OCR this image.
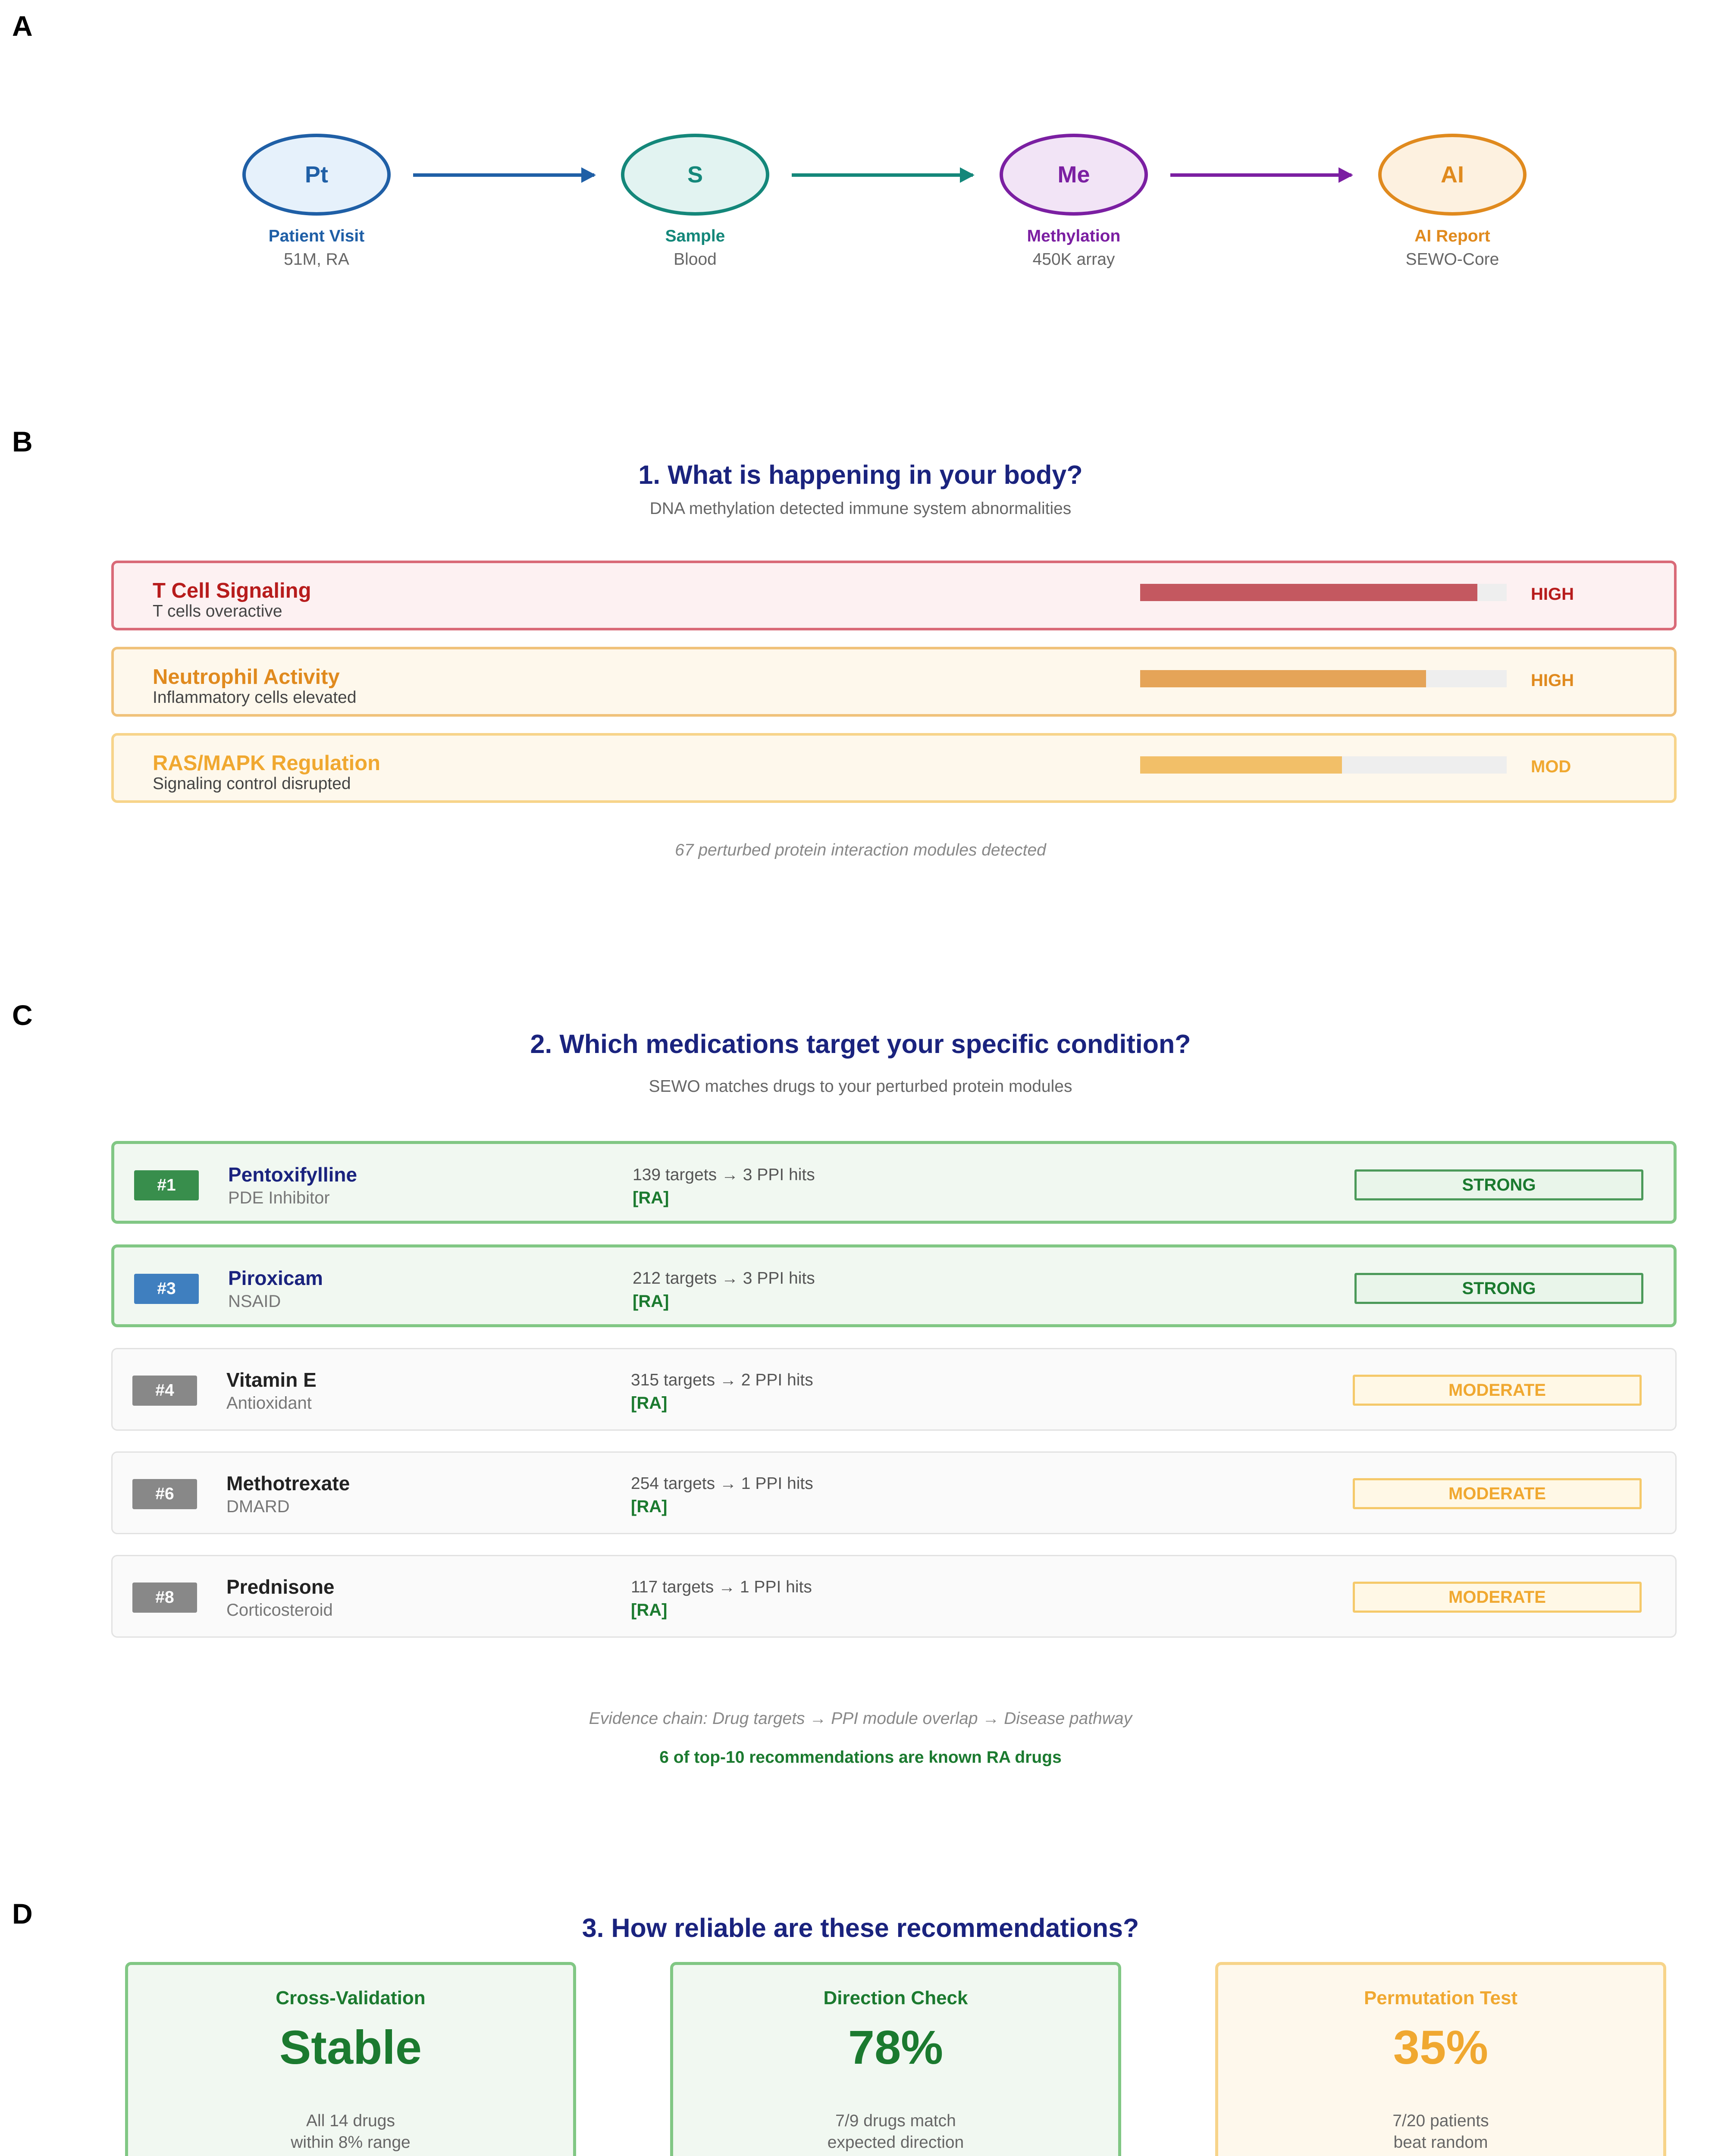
A
Pt
Patient Visit
51M, RA
S
Sample
Blood
Me
Methylation
450K array
AI
AI Report
SEWO-Core
B
1. What is happening in your body?
DNA methylation detected immune system abnormalities
T Cell Signaling
T cells overactive
HIGH
Neutrophil Activity
Inflammatory cells elevated
HIGH
RAS/MAPK Regulation
Signaling control disrupted
MOD
67 perturbed protein interaction modules detected
C
2. Which medications target your specific condition?
SEWO matches drugs to your perturbed protein modules
#1	Pentoxifylline
PDE Inhibitor
139 targets → 3 PPI hits
[RA]
STRONG
#3	Piroxicam
NSAID
212 targets → 3 PPI hits
[RA]
STRONG
#4	Vitamin E
Antioxidant
315 targets → 2 PPI hits
[RA]
MODERATE
#6	Methotrexate
DMARD
254 targets → 1 PPI hits
[RA]
MODERATE
#8	Prednisone
Corticosteroid
117 targets → 1 PPI hits
[RA]
MODERATE
Evidence chain: Drug targets → PPI module overlap → Disease pathway
6 of top-10 recommendations are known RA drugs
D	3. How reliable are these recommendations?
Cross-Validation
Stable
All 14 drugs
within 8% range
Direction Check
78%
7/9 drugs match
expected direction
Permutation Test
35%
7/20 patients
beat random
